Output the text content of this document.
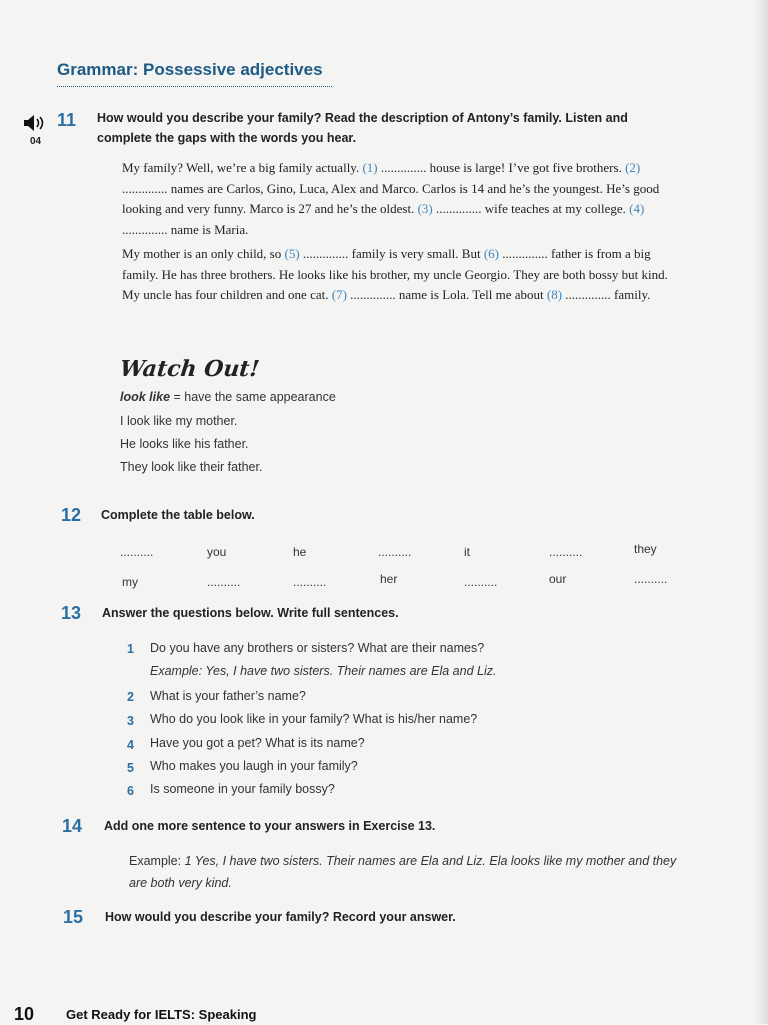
Grammar: Possessive adjectives
04
11 How would you describe your family? Read the description of Antony’s family. Listen and
complete the gaps with the words you hear.

My family? Well, we’re a big family actually. (1) .............. house is large! I’ve got five brothers. (2) .............. names are Carlos, Gino, Luca, Alex and Marco. Carlos is 14 and he’s the youngest. He’s good looking and very funny. Marco is 27 and he’s the oldest. (3) .............. wife teaches at my college. (4) .............. name is Maria.

My mother is an only child, so (5) .............. family is very small. But (6) .............. father is from a big family. He has three brothers. He looks like his brother, my uncle Georgio. They are both bossy but kind. My uncle has four children and one cat. (7) .............. name is Lola. Tell me about (8) .............. family.

Watch Out!
look like = have the same appearance
I look like my mother.
He looks like his father.
They look like their father.
12 Complete the table below.
..........	you	he	..........	it	..........	they
my	..........	..........	her	..........	our	..........
13 Answer the questions below. Write full sentences.
1 Do you have any brothers or sisters? What are their names?
Example: Yes, I have two sisters. Their names are Ela and Liz.
2 What is your father’s name?
3 Who do you look like in your family? What is his/her name?
4 Have you got a pet? What is its name?
5 Who makes you laugh in your family?
6 Is someone in your family bossy?
14 Add one more sentence to your answers in Exercise 13.
Example: 1 Yes, I have two sisters. Their names are Ela and Liz. Ela looks like my mother and they are both very kind.
15 How would you describe your family? Record your answer.
10 Get Ready for IELTS: Speaking
